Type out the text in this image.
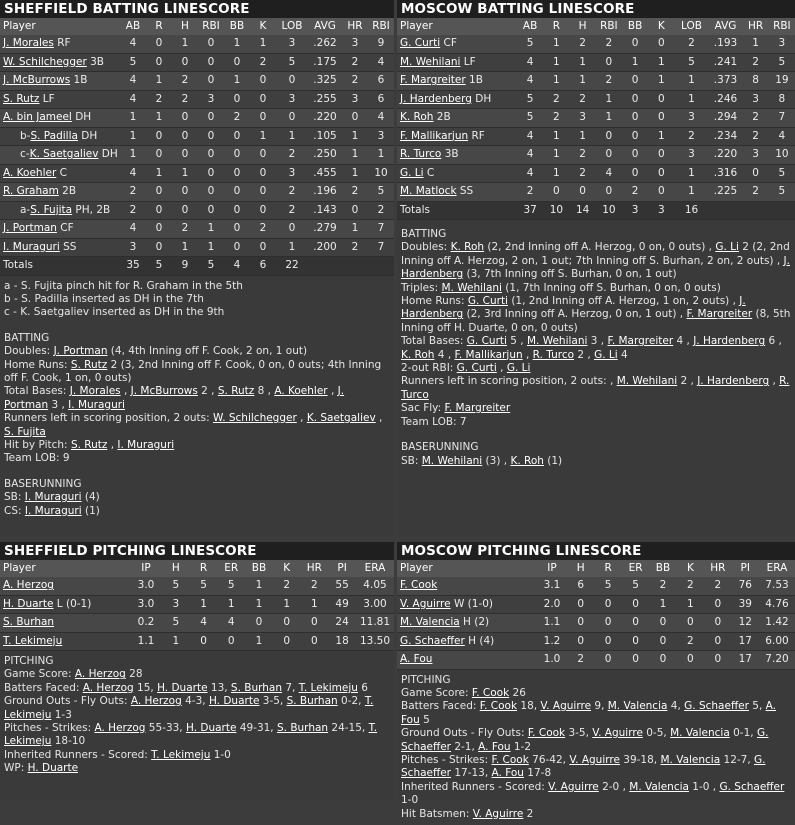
SHEFFIELD BATTING LINESCORE
Player	AB	R	H	RBI	BB	K	LOB	AVG	HR	RBI
J. Morales RF	4	0	1	0	1	1	3	.262	3	9
W. Schilchegger 3B	5	0	0	0	0	2	5	.175	2	4
J. McBurrows 1B	4	1	2	0	1	0	0	.325	2	6
S. Rutz LF	4	2	2	3	0	0	3	.255	3	6
A. bin Jameel DH	1	1	0	0	2	0	0	.220	0	4
b-S. Padilla DH	1	0	0	0	0	1	1	.105	1	3
c-K. Saetgaliev DH	1	0	0	0	0	0	2	.250	1	1
A. Koehler C	4	1	1	0	0	0	3	.455	1	10
R. Graham 2B	2	0	0	0	0	0	2	.196	2	5
a-S. Fujita PH, 2B	2	0	0	0	0	0	2	.143	0	2
J. Portman CF	4	0	2	1	0	2	0	.279	1	7
I. Muraguri SS	3	0	1	1	0	0	1	.200	2	7
Totals	35	5	9	5	4	6	22			
a - S. Fujita pinch hit for R. Graham in the 5th
b - S. Padilla inserted as DH in the 7th
c - K. Saetgaliev inserted as DH in the 9th
BATTING
Doubles: J. Portman (4, 4th Inning off F. Cook, 2 on, 1 out)
Home Runs: S. Rutz 2 (3, 2nd Inning off F. Cook, 0 on, 0 outs; 4th Inning off F. Cook, 1 on, 0 outs)
Total Bases: J. Morales , J. McBurrows 2 , S. Rutz 8 , A. Koehler , J. Portman 3 , I. Muraguri
Runners left in scoring position, 2 outs: W. Schilchegger , K. Saetgaliev , S. Fujita
Hit by Pitch: S. Rutz , I. Muraguri
Team LOB: 9
BASERUNNING
SB: I. Muraguri (4)
CS: I. Muraguri (1)
MOSCOW BATTING LINESCORE
Player	AB	R	H	RBI	BB	K	LOB	AVG	HR	RBI
G. Curti CF	5	1	2	2	0	0	2	.193	1	3
M. Wehilani LF	4	1	1	0	1	1	5	.241	2	5
F. Margreiter 1B	4	1	1	2	0	1	1	.373	8	19
J. Hardenberg DH	5	2	2	1	0	0	1	.246	3	8
K. Roh 2B	5	2	3	1	0	0	3	.294	2	7
F. Mallikarjun RF	4	1	1	0	0	1	2	.234	2	4
R. Turco 3B	4	1	2	0	0	0	3	.220	3	10
G. Li C	4	1	2	4	0	0	1	.316	0	5
M. Matlock SS	2	0	0	0	2	0	1	.225	2	5
Totals	37	10	14	10	3	3	16			
BATTING
Doubles: K. Roh (2, 2nd Inning off A. Herzog, 0 on, 0 outs) , G. Li 2 (2, 2nd Inning off A. Herzog, 2 on, 1 out; 7th Inning off S. Burhan, 2 on, 2 outs) , J. Hardenberg (3, 7th Inning off S. Burhan, 0 on, 1 out)
Triples: M. Wehilani (1, 7th Inning off S. Burhan, 0 on, 0 outs)
Home Runs: G. Curti (1, 2nd Inning off A. Herzog, 1 on, 2 outs) , J. Hardenberg (2, 3rd Inning off A. Herzog, 0 on, 1 out) , F. Margreiter (8, 5th Inning off H. Duarte, 0 on, 0 outs)
Total Bases: G. Curti 5 , M. Wehilani 3 , F. Margreiter 4 , J. Hardenberg 6 , K. Roh 4 , F. Mallikarjun , R. Turco 2 , G. Li 4
2-out RBI: G. Curti , G. Li
Runners left in scoring position, 2 outs: , M. Wehilani 2 , J. Hardenberg , R. Turco
Sac Fly: F. Margreiter
Team LOB: 7
BASERUNNING
SB: M. Wehilani (3) , K. Roh (1)
SHEFFIELD PITCHING LINESCORE
Player	IP	H	R	ER	BB	K	HR	PI	ERA
A. Herzog	3.0	5	5	5	1	2	2	55	4.05
H. Duarte L (0-1)	3.0	3	1	1	1	1	1	49	3.00
S. Burhan	0.2	5	4	4	0	0	0	24	11.81
T. Lekimeju	1.1	1	0	0	1	0	0	18	13.50
PITCHING
Game Score: A. Herzog 28
Batters Faced: A. Herzog 15, H. Duarte 13, S. Burhan 7, T. Lekimeju 6
Ground Outs - Fly Outs: A. Herzog 4-3, H. Duarte 3-5, S. Burhan 0-2, T. Lekimeju 1-3
Pitches - Strikes: A. Herzog 55-33, H. Duarte 49-31, S. Burhan 24-15, T. Lekimeju 18-10
Inherited Runners - Scored: T. Lekimeju 1-0
WP: H. Duarte
MOSCOW PITCHING LINESCORE
Player	IP	H	R	ER	BB	K	HR	PI	ERA
F. Cook	3.1	6	5	5	2	2	2	76	7.53
V. Aguirre W (1-0)	2.0	0	0	0	1	1	0	39	4.76
M. Valencia H (2)	1.1	0	0	0	0	0	0	12	1.42
G. Schaeffer H (4)	1.2	0	0	0	0	2	0	17	6.00
A. Fou	1.0	2	0	0	0	0	0	17	7.20
PITCHING
Game Score: F. Cook 26
Batters Faced: F. Cook 18, V. Aguirre 9, M. Valencia 4, G. Schaeffer 5, A. Fou 5
Ground Outs - Fly Outs: F. Cook 3-5, V. Aguirre 0-5, M. Valencia 0-1, G. Schaeffer 2-1, A. Fou 1-2
Pitches - Strikes: F. Cook 76-42, V. Aguirre 39-18, M. Valencia 12-7, G. Schaeffer 17-13, A. Fou 17-8
Inherited Runners - Scored: V. Aguirre 2-0 , M. Valencia 1-0 , G. Schaeffer 1-0
Hit Batsmen: V. Aguirre 2
